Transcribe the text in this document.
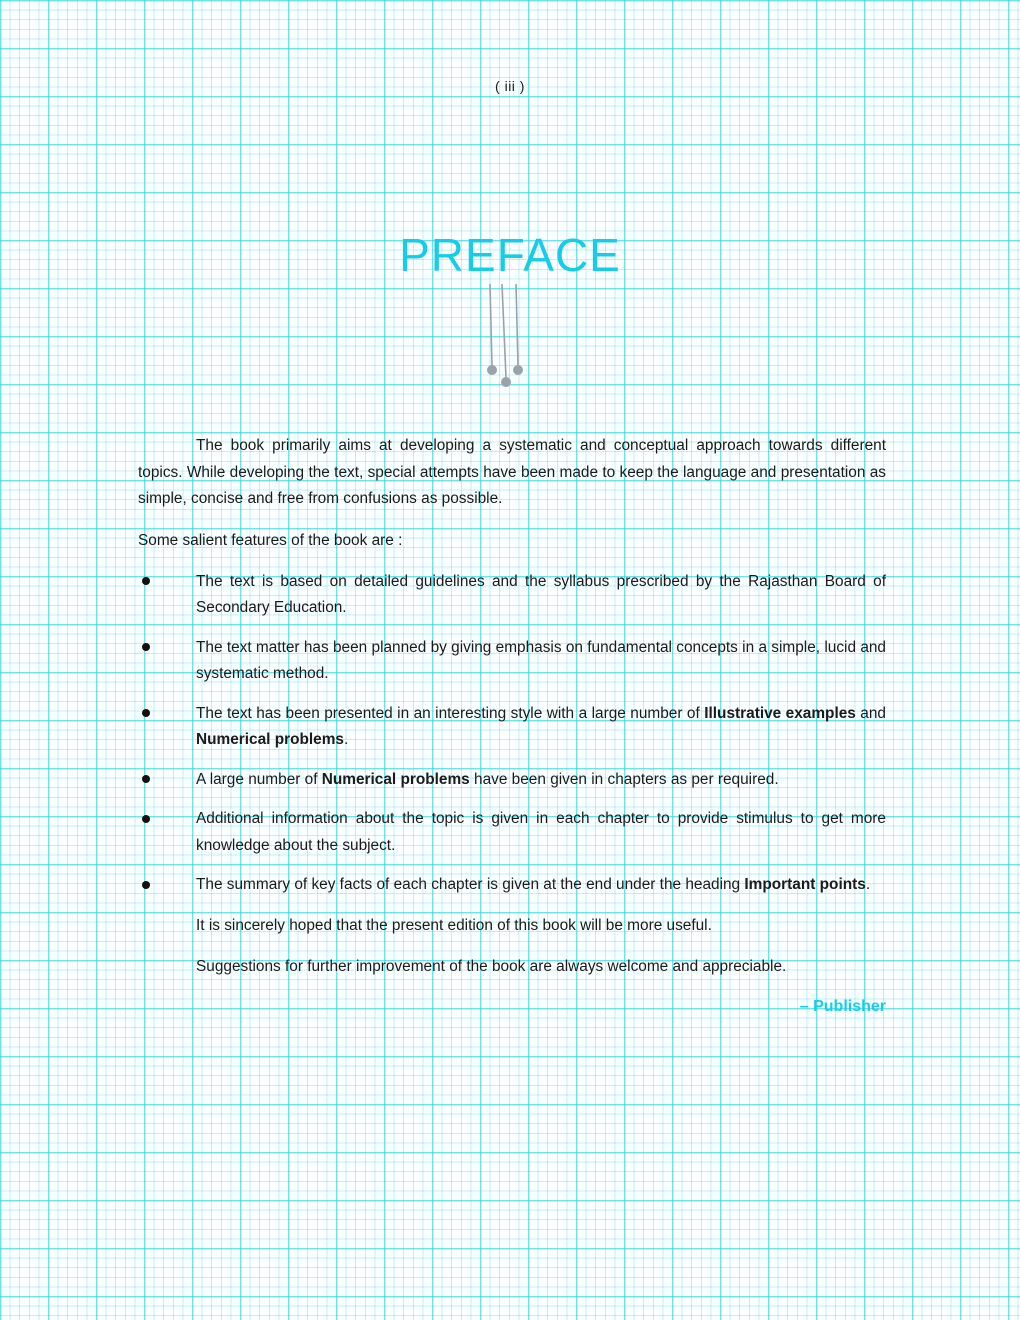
( iii )
PREFACE

The book primarily aims at developing a systematic and conceptual approach towards different topics. While developing the text, special attempts have been made to keep the language and presentation as simple, concise and free from confusions as possible.

Some salient features of the book are :

The text is based on detailed guidelines and the syllabus prescribed by the Rajasthan Board of Secondary Education.
The text matter has been planned by giving emphasis on fundamental concepts in a simple, lucid and systematic method.
The text has been presented in an interesting style with a large number of Illustrative examples and Numerical problems.
A large number of Numerical problems have been given in chapters as per required.
Additional information about the topic is given in each chapter to provide stimulus to get more knowledge about the subject.
The summary of key facts of each chapter is given at the end under the heading Important points.

It is sincerely hoped that the present edition of this book will be more useful.

Suggestions for further improvement of the book are always welcome and appreciable.

– Publisher
